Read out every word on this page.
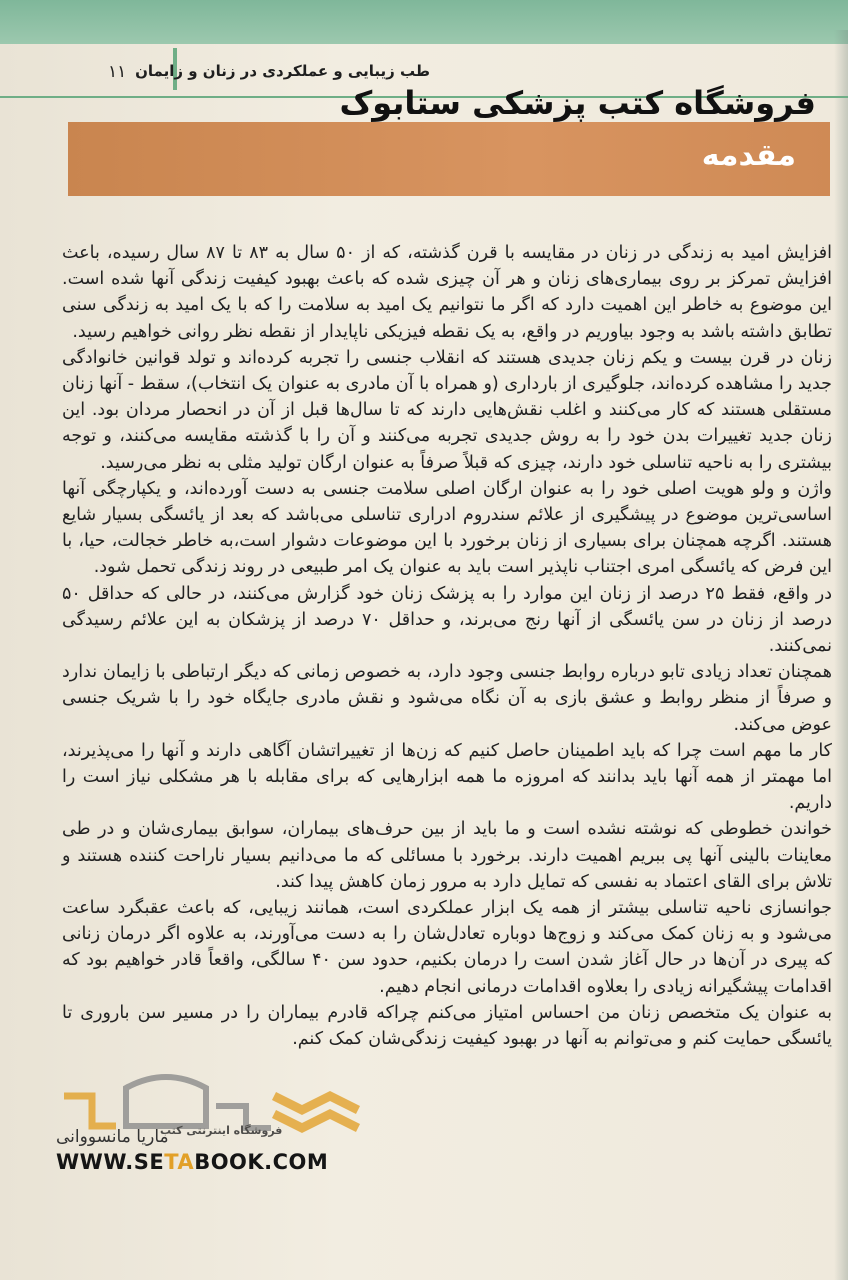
طب زیبایی و عملکردی در زنان و زایمان
۱۱
فروشگاه کتب پزشکی ستابوک
مقدمه

افزایش امید به زندگی در زنان در مقایسه با قرن گذشته، که از ۵۰ سال به ۸۳ تا ۸۷ سال رسیده، باعث افزایش تمرکز بر روی بیماری‌های زنان و هر آن چیزی شده که باعث بهبود کیفیت زندگی آنها شده است. این موضوع به خاطر این اهمیت دارد که اگر ما نتوانیم یک امید به سلامت را که با یک امید به زندگی سنی تطابق داشته باشد به وجود بیاوریم در واقع، به یک نقطه فیزیکی ناپایدار از نقطه نظر روانی خواهیم رسید.

زنان در قرن بیست و یکم زنان جدیدی هستند که انقلاب جنسی را تجربه کرده‌اند و تولد قوانین خانوادگی جدید را مشاهده کرده‌اند، جلوگیری از بارداری (و همراه با آن مادری به عنوان یک انتخاب)، سقط - آنها زنان مستقلی هستند که کار می‌کنند و اغلب نقش‌هایی دارند که تا سال‌ها قبل از آن در انحصار مردان بود. این زنان جدید تغییرات بدن خود را به روش جدیدی تجربه می‌کنند و آن را با گذشته مقایسه می‌کنند، و توجه بیشتری را به ناحیه تناسلی خود دارند، چیزی که قبلاً صرفاً به عنوان ارگان تولید مثلی به نظر می‌رسید.

واژن و ولو هویت اصلی خود را به عنوان ارگان اصلی سلامت جنسی به دست آورده‌اند، و یکپارچگی آنها اساسی‌ترین موضوع در پیشگیری از علائم سندروم ادراری تناسلی می‌باشد که بعد از یائسگی بسیار شایع هستند. اگرچه همچنان برای بسیاری از زنان برخورد با این موضوعات دشوار است،به خاطر خجالت، حیا، با این فرض که یائسگی امری اجتناب ناپذیر است باید به عنوان یک امر طبیعی در روند زندگی تحمل شود.

در واقع، فقط ۲۵ درصد از زنان این موارد را به پزشک زنان خود گزارش می‌کنند، در حالی که حداقل ۵۰ درصد از زنان در سن یائسگی از آنها رنج می‌برند، و حداقل ۷۰ درصد از پزشکان به این علائم رسیدگی نمی‌کنند.

همچنان تعداد زیادی تابو درباره روابط جنسی وجود دارد، به خصوص زمانی که دیگر ارتباطی با زایمان ندارد و صرفاً از منظر روابط و عشق بازی به آن نگاه می‌شود و نقش مادری جایگاه خود را با شریک جنسی عوض می‌کند.

کار ما مهم است چرا که باید اطمینان حاصل کنیم که زن‌ها از تغییراتشان آگاهی دارند و آنها را می‌پذیرند، اما مهمتر از همه آنها باید بدانند که امروزه ما همه ابزارهایی که برای مقابله با هر مشکلی نیاز است را داریم.

خواندن خطوطی که نوشته نشده است و ما باید از بین حرف‌های بیماران، سوابق بیماری‌شان و در طی معاینات بالینی آنها پی ببریم اهمیت دارند. برخورد با مسائلی که ما می‌دانیم بسیار ناراحت کننده هستند و تلاش برای القای اعتماد به نفسی که تمایل دارد به مرور زمان کاهش پیدا کند.

جوانسازی ناحیه تناسلی بیشتر از همه یک ابزار عملکردی است، همانند زیبایی، که باعث عقبگرد ساعت می‌شود و به زنان کمک می‌کند و زوج‌ها دوباره تعادل‌شان را به دست می‌آورند، به علاوه اگر درمان زنانی که پیری در آن‌ها در حال آغاز شدن است را درمان بکنیم، حدود سن ۴۰ سالگی، واقعاً قادر خواهیم بود که اقدامات پیشگیرانه زیادی را بعلاوه اقدامات درمانی انجام دهیم.

به عنوان یک متخصص زنان من احساس امتیاز می‌کنم چراکه قادرم بیماران را در مسیر سن باروری تا یائسگی حمایت کنم و می‌توانم به آنها در بهبود کیفیت زندگی‌شان کمک کنم.

فروشگاه اینترنتی کتب
ماریا مانسووانی
WWW.SETABOOK.COM
